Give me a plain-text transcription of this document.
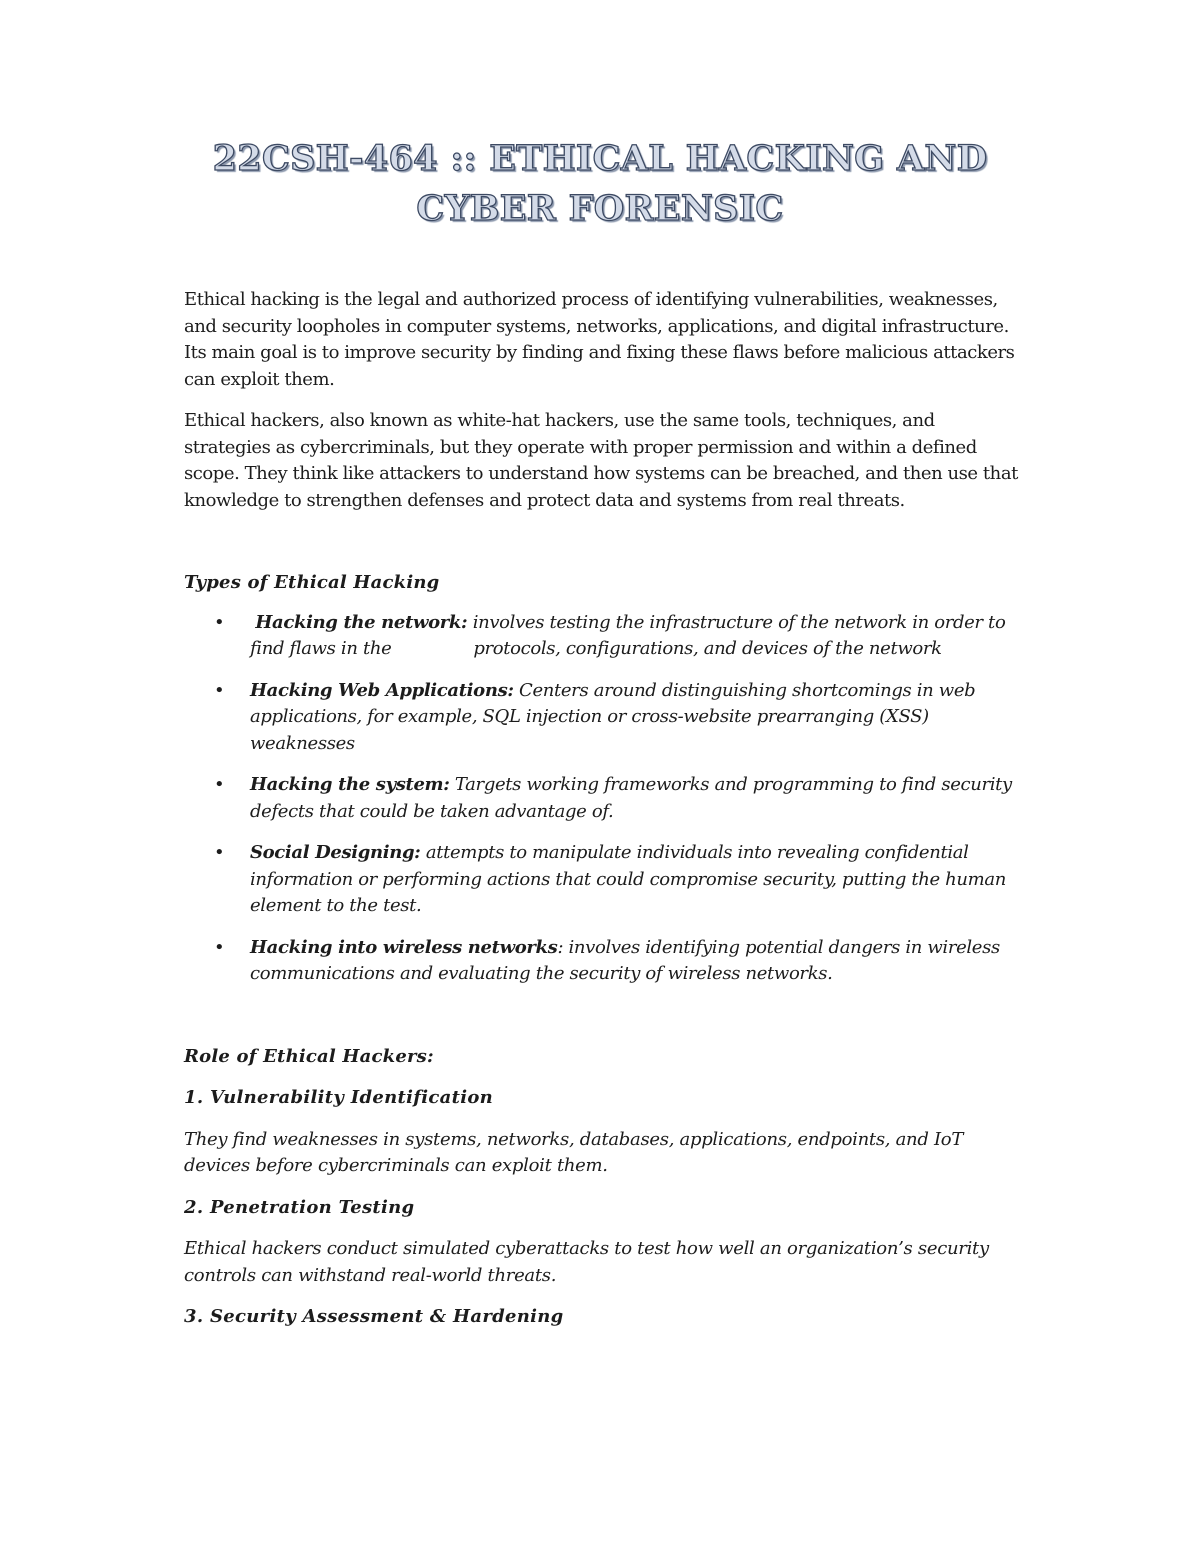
22CSH-464 :: ETHICAL HACKING AND
CYBER FORENSIC

Ethical hacking is the legal and authorized process of identifying vulnerabilities, weaknesses, and security loopholes in computer systems, networks, applications, and digital infrastructure. Its main goal is to improve security by finding and fixing these flaws before malicious attackers can exploit them.

Ethical hackers, also known as white-hat hackers, use the same tools, techniques, and strategies as cybercriminals, but they operate with proper permission and within a defined scope. They think like attackers to understand how systems can be breached, and then use that knowledge to strengthen defenses and protect data and systems from real threats.

Types of Ethical Hacking

• Hacking the network: involves testing the infrastructure of the network in order to find flaws in the	protocols, configurations, and devices of the network
• Hacking Web Applications: Centers around distinguishing shortcomings in web applications, for example, SQL injection or cross-website prearranging (XSS) weaknesses
• Hacking the system: Targets working frameworks and programming to find security defects that could be taken advantage of.
• Social Designing: attempts to manipulate individuals into revealing confidential information or performing actions that could compromise security, putting the human element to the test.
• Hacking into wireless networks: involves identifying potential dangers in wireless communications and evaluating the security of wireless networks.

Role of Ethical Hackers:

1. Vulnerability Identification

They find weaknesses in systems, networks, databases, applications, endpoints, and IoT devices before cybercriminals can exploit them.

2. Penetration Testing

Ethical hackers conduct simulated cyberattacks to test how well an organization’s security controls can withstand real-world threats.

3. Security Assessment & Hardening
